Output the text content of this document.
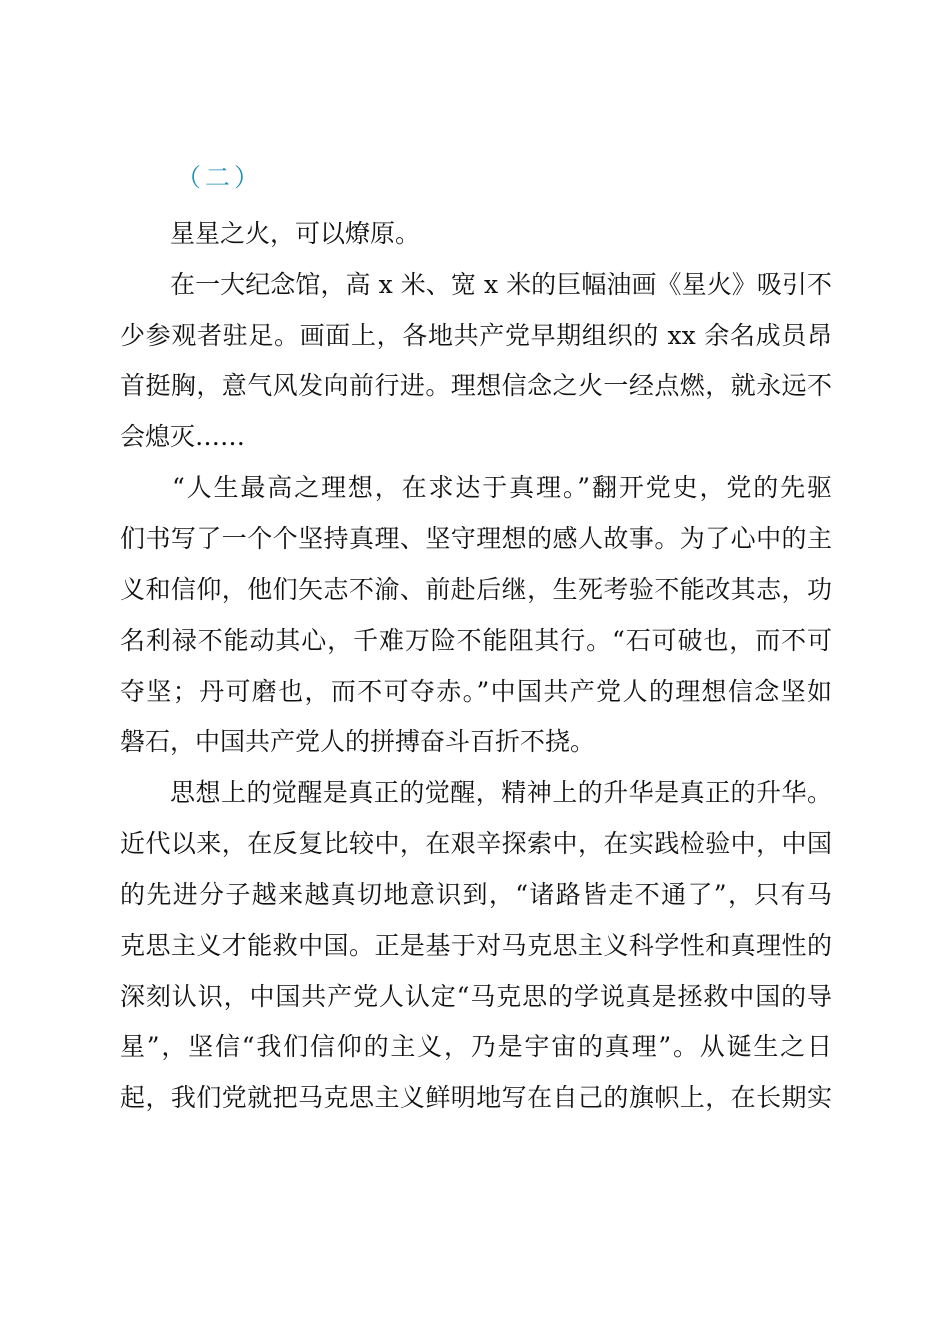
（二）
星星之火，可以燎原。
在一大纪念馆，高 x 米、宽 x 米的巨幅油画《星火》吸引不
少参观者驻足。画面上，各地共产党早期组织的 xx 余名成员昂
首挺胸，意气风发向前行进。理想信念之火一经点燃，就永远不
会熄灭……
“人生最高之理想，在求达于真理。”翻开党史，党的先驱
们书写了一个个坚持真理、坚守理想的感人故事。为了心中的主
义和信仰，他们矢志不渝、前赴后继，生死考验不能改其志，功
名利禄不能动其心，千难万险不能阻其行。“石可破也，而不可
夺坚；丹可磨也，而不可夺赤。”中国共产党人的理想信念坚如
磐石，中国共产党人的拼搏奋斗百折不挠。
思想上的觉醒是真正的觉醒，精神上的升华是真正的升华。
近代以来，在反复比较中，在艰辛探索中，在实践检验中，中国
的先进分子越来越真切地意识到，“诸路皆走不通了”，只有马
克思主义才能救中国。正是基于对马克思主义科学性和真理性的
深刻认识，中国共产党人认定“马克思的学说真是拯救中国的导
星”，坚信“我们信仰的主义，乃是宇宙的真理”。从诞生之日
起，我们党就把马克思主义鲜明地写在自己的旗帜上，在长期实
